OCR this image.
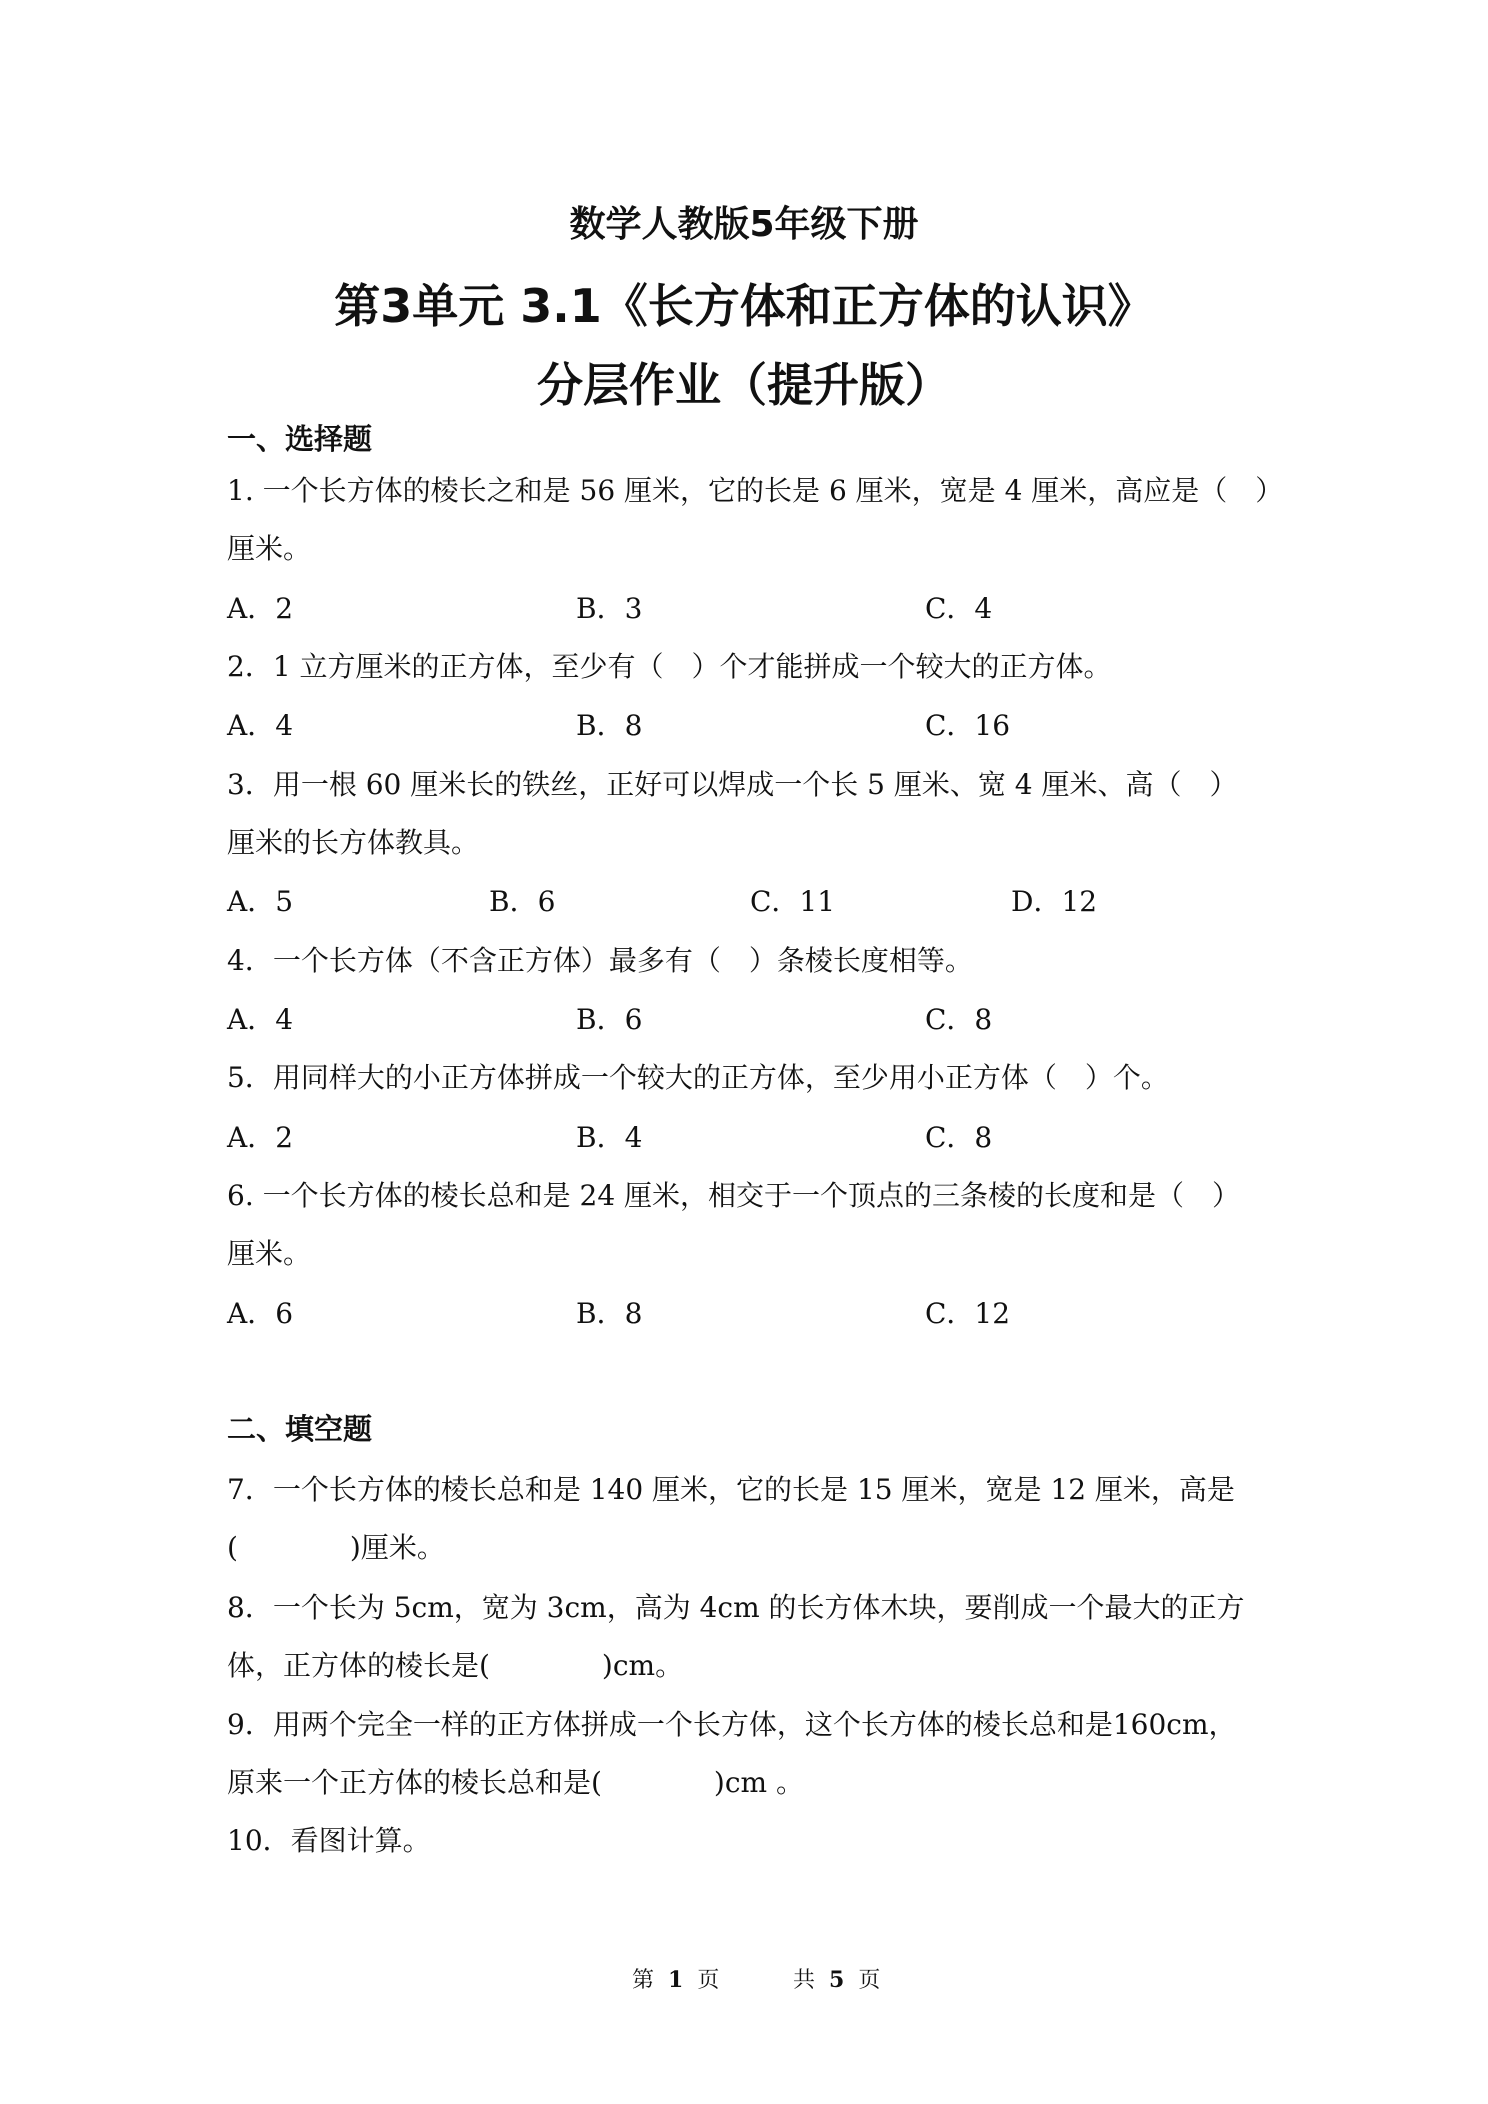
数学人教版5年级下册
第3单元 3.1《长方体和正方体的认识》
分层作业（提升版）
一、选择题
1. 一个长方体的棱长之和是 56 厘米，它的长是 6 厘米，宽是 4 厘米，高应是（　）
厘米。
A．2	B．3	C．4
2．1 立方厘米的正方体，至少有（　）个才能拼成一个较大的正方体。
A．4	B．8	C．16
3．用一根 60 厘米长的铁丝，正好可以焊成一个长 5 厘米、宽 4 厘米、高（　）
厘米的长方体教具。
A．5	B．6	C．11	D．12
4．一个长方体（不含正方体）最多有（　）条棱长度相等。
A．4	B．6	C．8
5．用同样大的小正方体拼成一个较大的正方体，至少用小正方体（　）个。
A．2	B．4	C．8
6. 一个长方体的棱长总和是 24 厘米，相交于一个顶点的三条棱的长度和是（　）
厘米。
A．6	B．8	C．12
二、填空题
7．一个长方体的棱长总和是 140 厘米，它的长是 15 厘米，宽是 12 厘米，高是
(　　　　)厘米。
8．一个长为 5cm，宽为 3cm，高为 4cm 的长方体木块，要削成一个最大的正方
体，正方体的棱长是(　　　　)cm。
9．用两个完全一样的正方体拼成一个长方体，这个长方体的棱长总和是160cm，
原来一个正方体的棱长总和是(　　　　)cm 。
10．看图计算。
第 1 页	共 5 页
